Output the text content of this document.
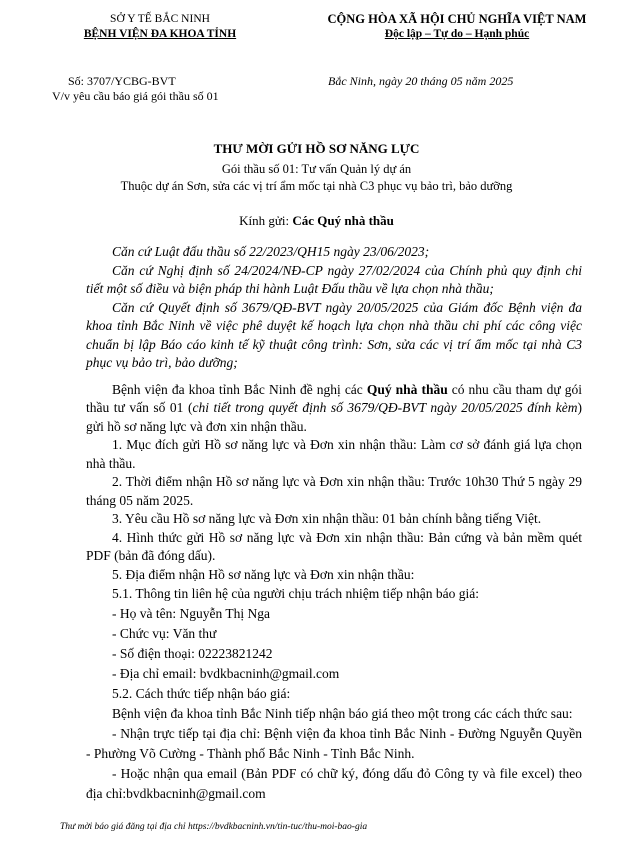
SỞ Y TẾ BẮC NINH
BỆNH VIỆN ĐA KHOA TỈNH
CỘNG HÒA XÃ HỘI CHỦ NGHĨA VIỆT NAM
Độc lập – Tự do – Hạnh phúc
Số: 3707/YCBG-BVT
V/v yêu cầu báo giá gói thầu số 01
Bắc Ninh, ngày 20 tháng 05 năm 2025
THƯ MỜI GỬI HỒ SƠ NĂNG LỰC
Gói thầu số 01: Tư vấn Quản lý dự án
Thuộc dự án Sơn, sửa các vị trí ẩm mốc tại nhà C3 phục vụ bảo trì, bảo dưỡng
Kính gửi: Các Quý nhà thầu

Căn cứ Luật đấu thầu số 22/2023/QH15 ngày 23/06/2023;

Căn cứ Nghị định số 24/2024/NĐ-CP ngày 27/02/2024 của Chính phủ quy định chi tiết một số điều và biện pháp thi hành Luật Đấu thầu về lựa chọn nhà thầu;

Căn cứ Quyết định số 3679/QĐ-BVT ngày 20/05/2025 của Giám đốc Bệnh viện đa khoa tỉnh Bắc Ninh về việc phê duyệt kế hoạch lựa chọn nhà thầu chi phí các công việc chuẩn bị lập Báo cáo kinh tế kỹ thuật công trình: Sơn, sửa các vị trí ẩm mốc tại nhà C3 phục vụ bảo trì, bảo dưỡng;

Bệnh viện đa khoa tỉnh Bắc Ninh đề nghị các Quý nhà thầu có nhu cầu tham dự gói thầu tư vấn số 01 (chi tiết trong quyết định số 3679/QĐ-BVT ngày 20/05/2025 đính kèm) gửi hồ sơ năng lực và đơn xin nhận thầu.

1. Mục đích gửi Hồ sơ năng lực và Đơn xin nhận thầu: Làm cơ sở đánh giá lựa chọn nhà thầu.

2. Thời điểm nhận Hồ sơ năng lực và Đơn xin nhận thầu: Trước 10h30 Thứ 5 ngày 29 tháng 05 năm 2025.

3. Yêu cầu Hồ sơ năng lực và Đơn xin nhận thầu: 01 bản chính bằng tiếng Việt.

4. Hình thức gửi Hồ sơ năng lực và Đơn xin nhận thầu: Bản cứng và bản mềm quét PDF (bản đã đóng dấu).

5. Địa điểm nhận Hồ sơ năng lực và Đơn xin nhận thầu:

5.1. Thông tin liên hệ của người chịu trách nhiệm tiếp nhận báo giá:

- Họ và tên: Nguyễn Thị Nga

- Chức vụ: Văn thư

- Số điện thoại: 02223821242

- Địa chỉ email: bvdkbacninh@gmail.com

5.2. Cách thức tiếp nhận báo giá:

Bệnh viện đa khoa tỉnh Bắc Ninh tiếp nhận báo giá theo một trong các cách thức sau:

- Nhận trực tiếp tại địa chỉ: Bệnh viện đa khoa tỉnh Bắc Ninh - Đường Nguyễn Quyền - Phường Võ Cường - Thành phố Bắc Ninh - Tỉnh Bắc Ninh.

- Hoặc nhận qua email (Bản PDF có chữ ký, đóng dấu đỏ Công ty và file excel) theo địa chỉ:bvdkbacninh@gmail.com

Thư mời báo giá đăng tại địa chỉ https://bvdkbacninh.vn/tin-tuc/thu-moi-bao-gia
